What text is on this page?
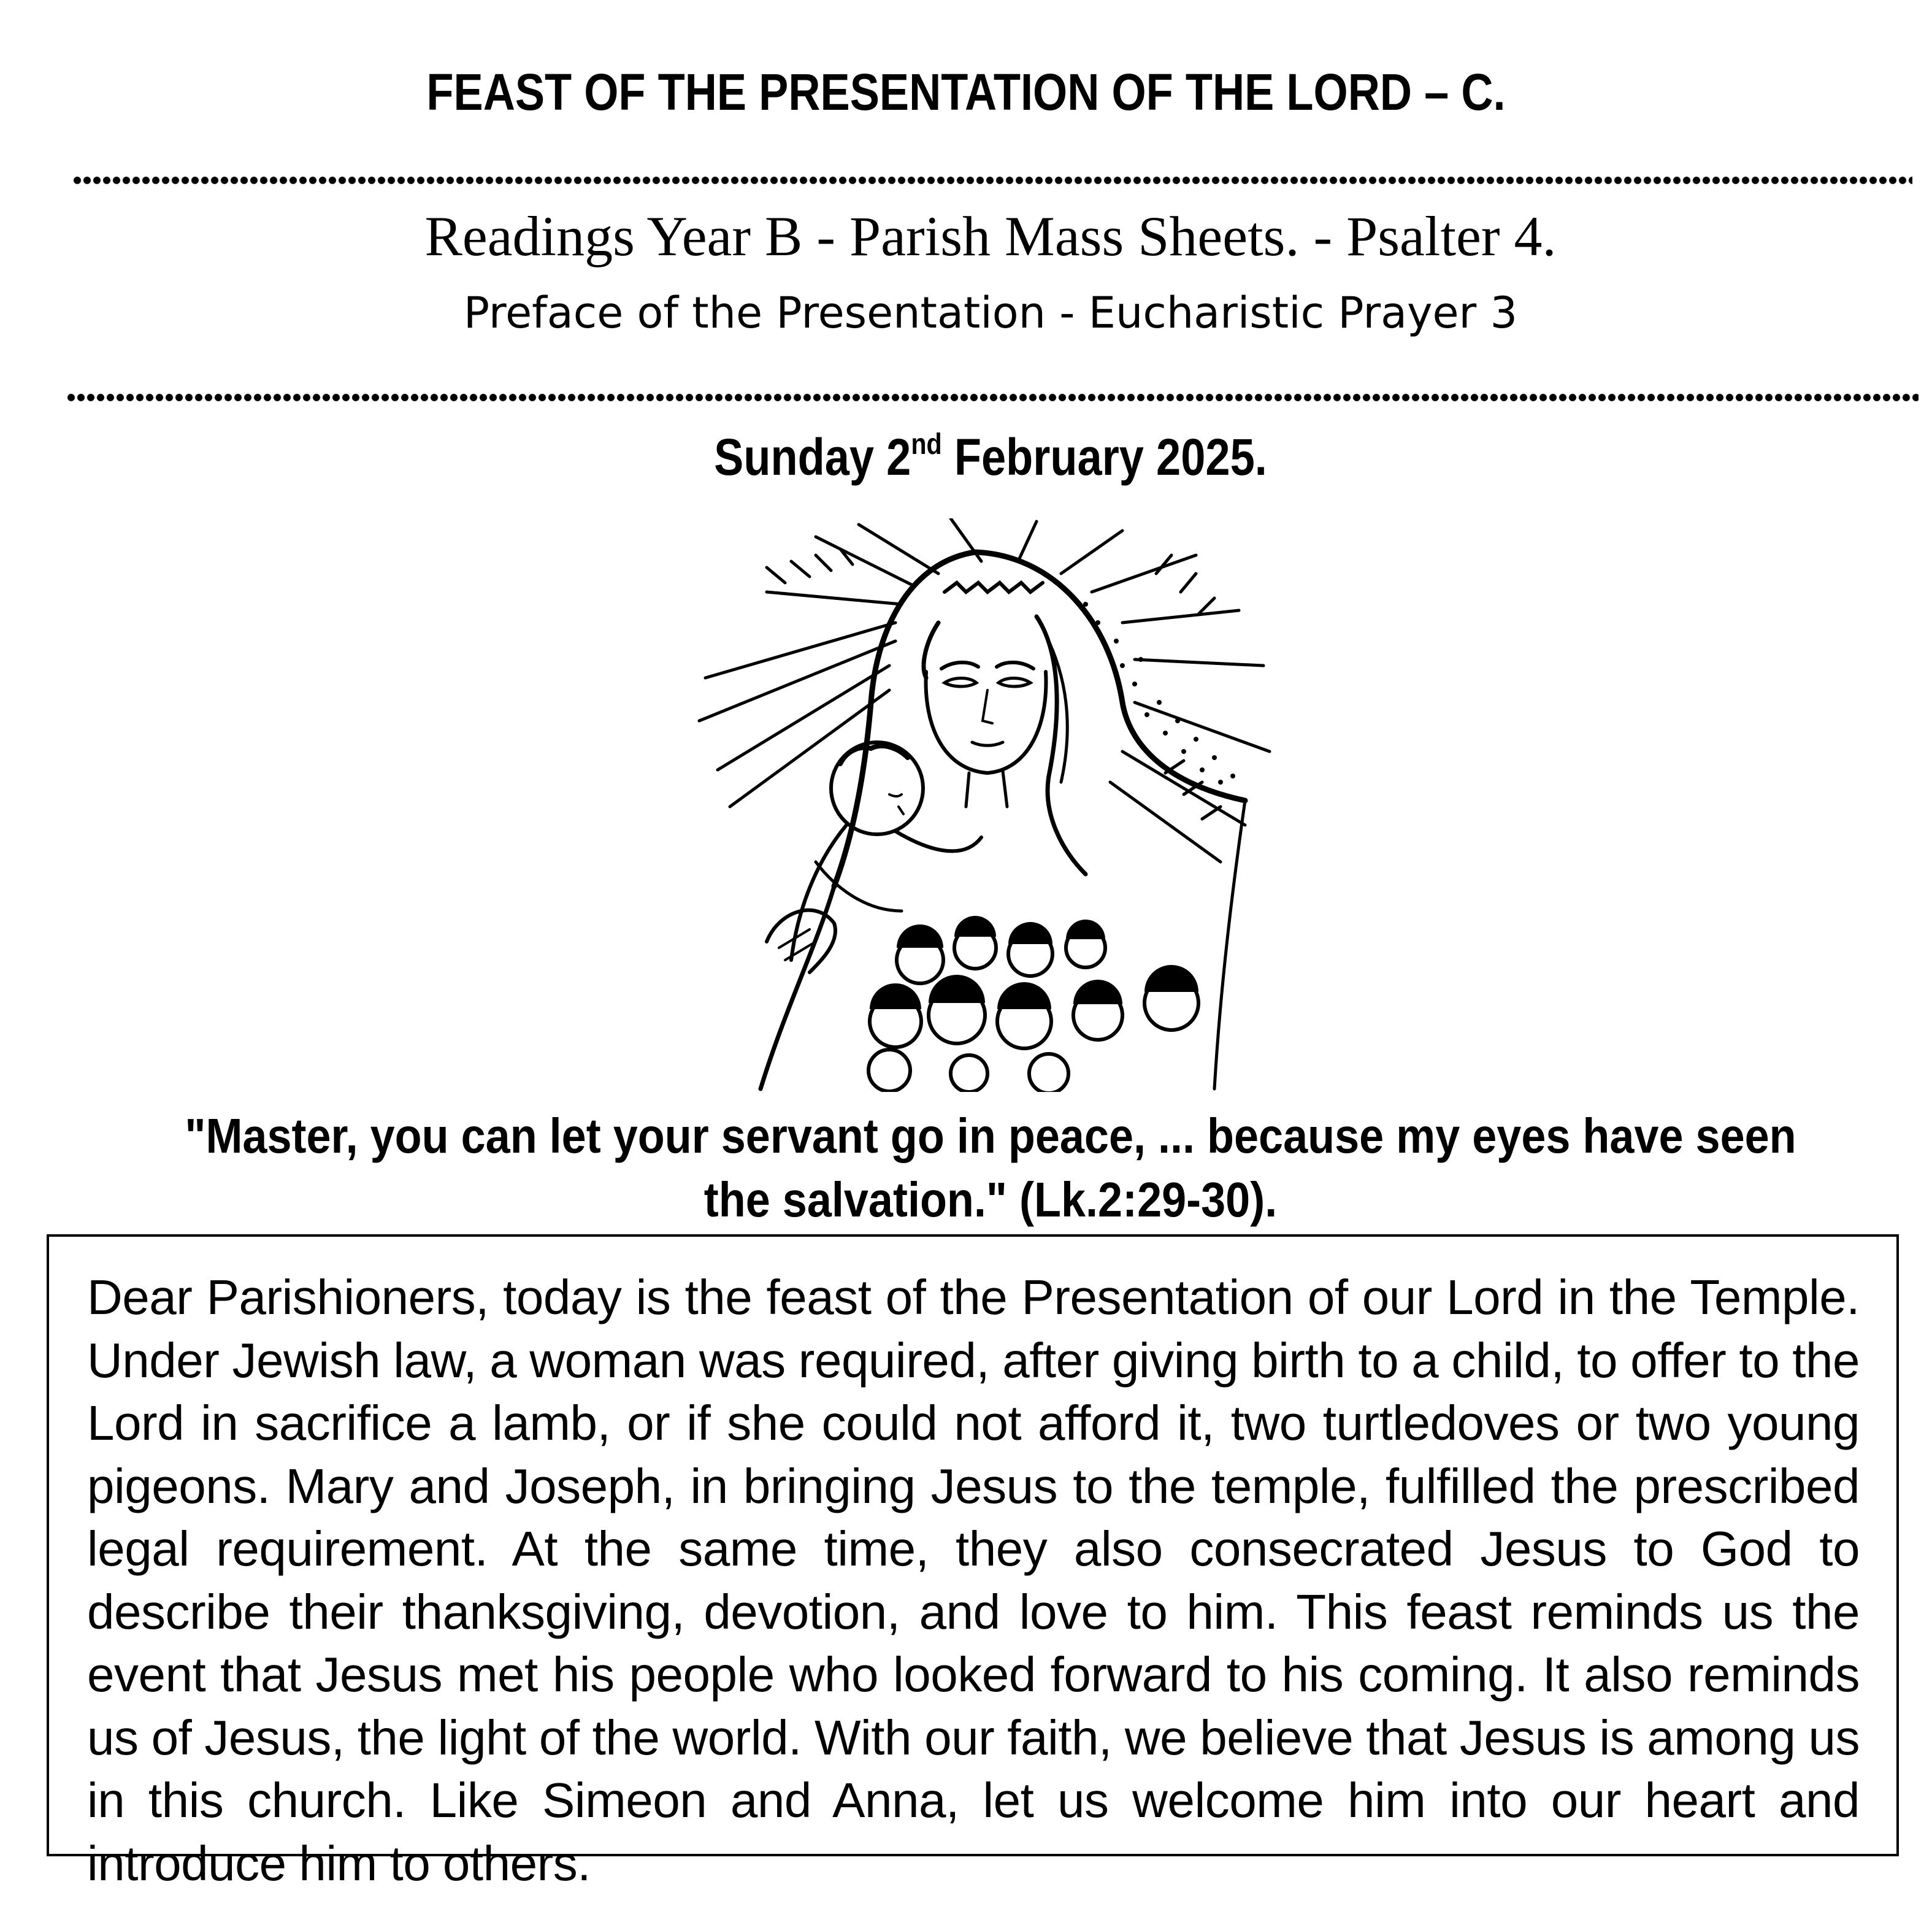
FEAST OF THE PRESENTATION OF THE LORD – C.
Readings Year B - Parish Mass Sheets. - Psalter 4.
Preface of the Presentation - Eucharistic Prayer 3
Sunday 2nd February 2025.
"Master, you can let your servant go in peace, ... because my eyes have seen the salvation." (Lk.2:29-30).
Dear Parishioners, today is the feast of the Presentation of our Lord in the Temple. Under Jewish law, a woman was required, after giving birth to a child, to offer to the Lord in sacrifice a lamb, or if she could not afford it, two turtledoves or two young pigeons. Mary and Joseph, in bringing Jesus to the temple, fulfilled the prescribed legal requirement. At the same time, they also consecrated Jesus to God to describe their thanksgiving, devotion, and love to him. This feast reminds us the event that Jesus met his people who looked forward to his coming. It also reminds us of Jesus, the light of the world. With our faith, we believe that Jesus is among us in this church. Like Simeon and Anna, let us welcome him into our heart and introduce him to others.
